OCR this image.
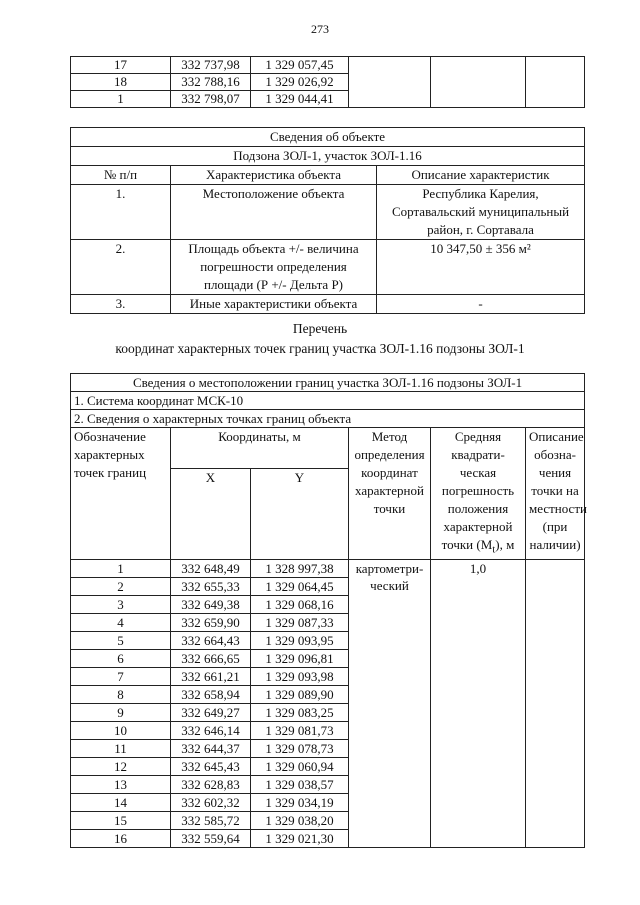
273
17	332 737,98	1 329 057,45			
18	332 788,16	1 329 026,92			
1	332 798,07	1 329 044,41			
Сведения об объекте		
Подзона ЗОЛ-1, участок ЗОЛ-1.16		
№ п/п	Характеристика объекта	Описание характеристик
1.	Местоположение объекта	Республика Карелия, Сортавальский муниципальный район, г. Сортавала
2.	Площадь объекта +/- величина погрешности определения площади (Р +/- Дельта Р)	10 347,50 ± 356 м²
3.	Иные характеристики объекта	-
Перечень
координат характерных точек границ участка ЗОЛ-1.16 подзоны ЗОЛ-1
Сведения о местоположении границ участка ЗОЛ-1.16 подзоны ЗОЛ-1					
1. Система координат МСК-10					
2. Сведения о характерных точках границ объекта					
Обозначение характерных точек границ	Координаты, м		Метод определения координат характерной точки	Средняя квадрати-ческая погрешность положения характерной точки $(M_t)$, м	Описание обозна-чения точки на местности (при наличии)
	X	Y			
1	332 648,49	1 328 997,38	картометри-ческий	1,0	
2	332 655,33	1 329 064,45			
3	332 649,38	1 329 068,16			
4	332 659,90	1 329 087,33			
5	332 664,43	1 329 093,95			
6	332 666,65	1 329 096,81			
7	332 661,21	1 329 093,98			
8	332 658,94	1 329 089,90			
9	332 649,27	1 329 083,25			
10	332 646,14	1 329 081,73			
11	332 644,37	1 329 078,73			
12	332 645,43	1 329 060,94			
13	332 628,83	1 329 038,57			
14	332 602,32	1 329 034,19			
15	332 585,72	1 329 038,20			
16	332 559,64	1 329 021,30			
